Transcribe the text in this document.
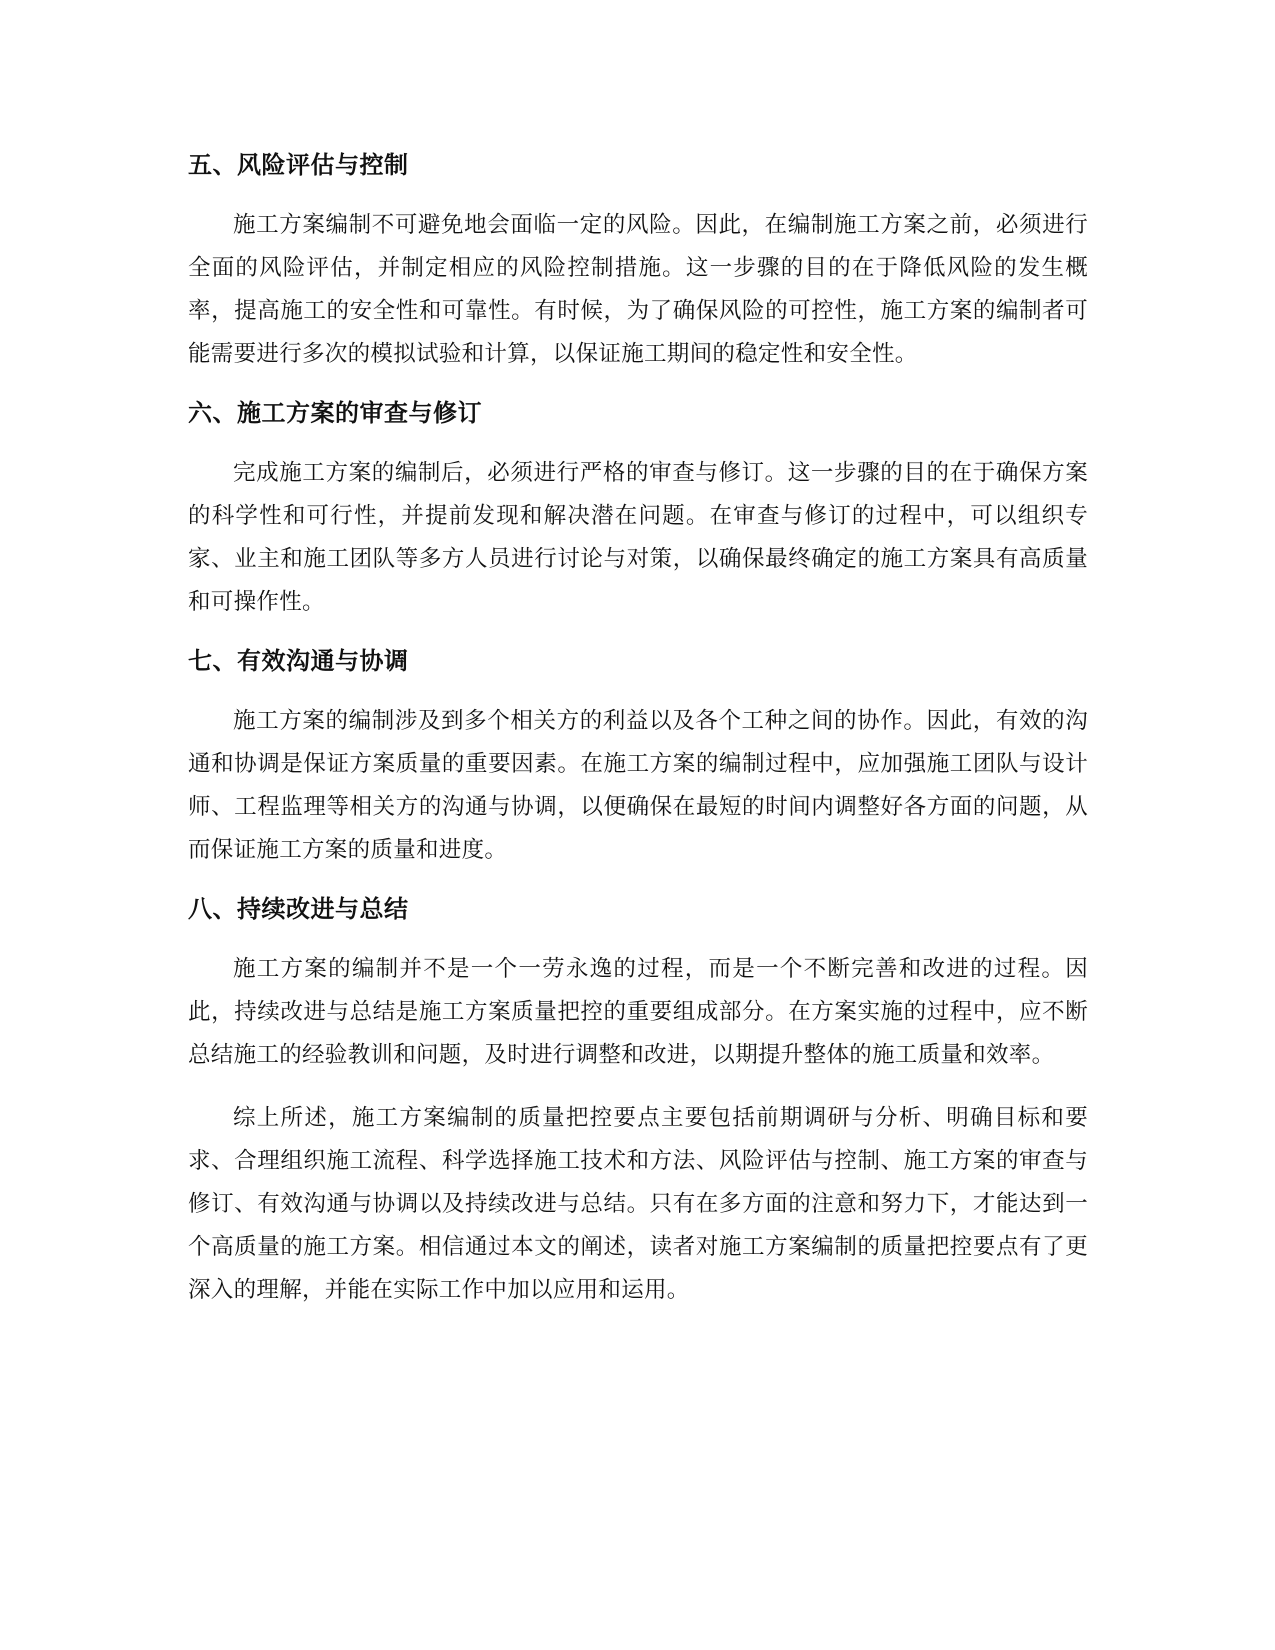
五、风险评估与控制

施工方案编制不可避免地会面临一定的风险。因此，在编制施工方案之前，必须进行全面的风险评估，并制定相应的风险控制措施。这一步骤的目的在于降低风险的发生概率，提高施工的安全性和可靠性。有时候，为了确保风险的可控性，施工方案的编制者可能需要进行多次的模拟试验和计算，以保证施工期间的稳定性和安全性。

六、施工方案的审查与修订

完成施工方案的编制后，必须进行严格的审查与修订。这一步骤的目的在于确保方案的科学性和可行性，并提前发现和解决潜在问题。在审查与修订的过程中，可以组织专家、业主和施工团队等多方人员进行讨论与对策，以确保最终确定的施工方案具有高质量和可操作性。

七、有效沟通与协调

施工方案的编制涉及到多个相关方的利益以及各个工种之间的协作。因此，有效的沟通和协调是保证方案质量的重要因素。在施工方案的编制过程中，应加强施工团队与设计师、工程监理等相关方的沟通与协调，以便确保在最短的时间内调整好各方面的问题，从而保证施工方案的质量和进度。

八、持续改进与总结

施工方案的编制并不是一个一劳永逸的过程，而是一个不断完善和改进的过程。因此，持续改进与总结是施工方案质量把控的重要组成部分。在方案实施的过程中，应不断总结施工的经验教训和问题，及时进行调整和改进，以期提升整体的施工质量和效率。

综上所述，施工方案编制的质量把控要点主要包括前期调研与分析、明确目标和要求、合理组织施工流程、科学选择施工技术和方法、风险评估与控制、施工方案的审查与修订、有效沟通与协调以及持续改进与总结。只有在多方面的注意和努力下，才能达到一个高质量的施工方案。相信通过本文的阐述，读者对施工方案编制的质量把控要点有了更深入的理解，并能在实际工作中加以应用和运用。
